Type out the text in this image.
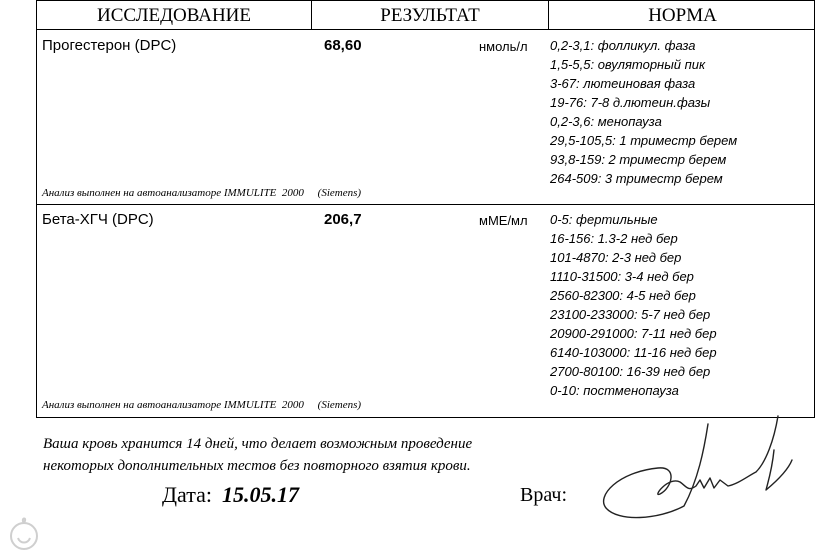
ИССЛЕДОВАНИЕ	РЕЗУЛЬТАТ	НОРМА
Прогестерон (DPC)	68,60	нмоль/л 0,2-3,1: фолликул. фаза
1,5-5,5: овуляторный пик
3-67: лютеиновая фаза
19-76: 7-8 д.лютеин.фазы
0,2-3,6: менопауза
29,5-105,5: 1 триместр берем
93,8-159: 2 триместр берем
264-509: 3 триместр берем
Анализ выполнен на автоанализаторе IMMULITE  2000     (Siemens)
Бета-ХГЧ (DPC)	206,7	мМЕ/мл 0-5: фертильные
16-156: 1.3-2 нед бер
101-4870: 2-3 нед бер
1110-31500: 3-4 нед бер
2560-82300: 4-5 нед бер
23100-233000: 5-7 нед бер
20900-291000: 7-11 нед бер
6140-103000: 11-16 нед бер
2700-80100: 16-39 нед бер
0-10: постменопауза
Анализ выполнен на автоанализаторе IMMULITE  2000     (Siemens)

Ваша кровь хранится 14 дней, что делает возможным проведение
некоторых дополнительных тестов без повторного взятия крови.

Дата: 15.05.17	Врач:
